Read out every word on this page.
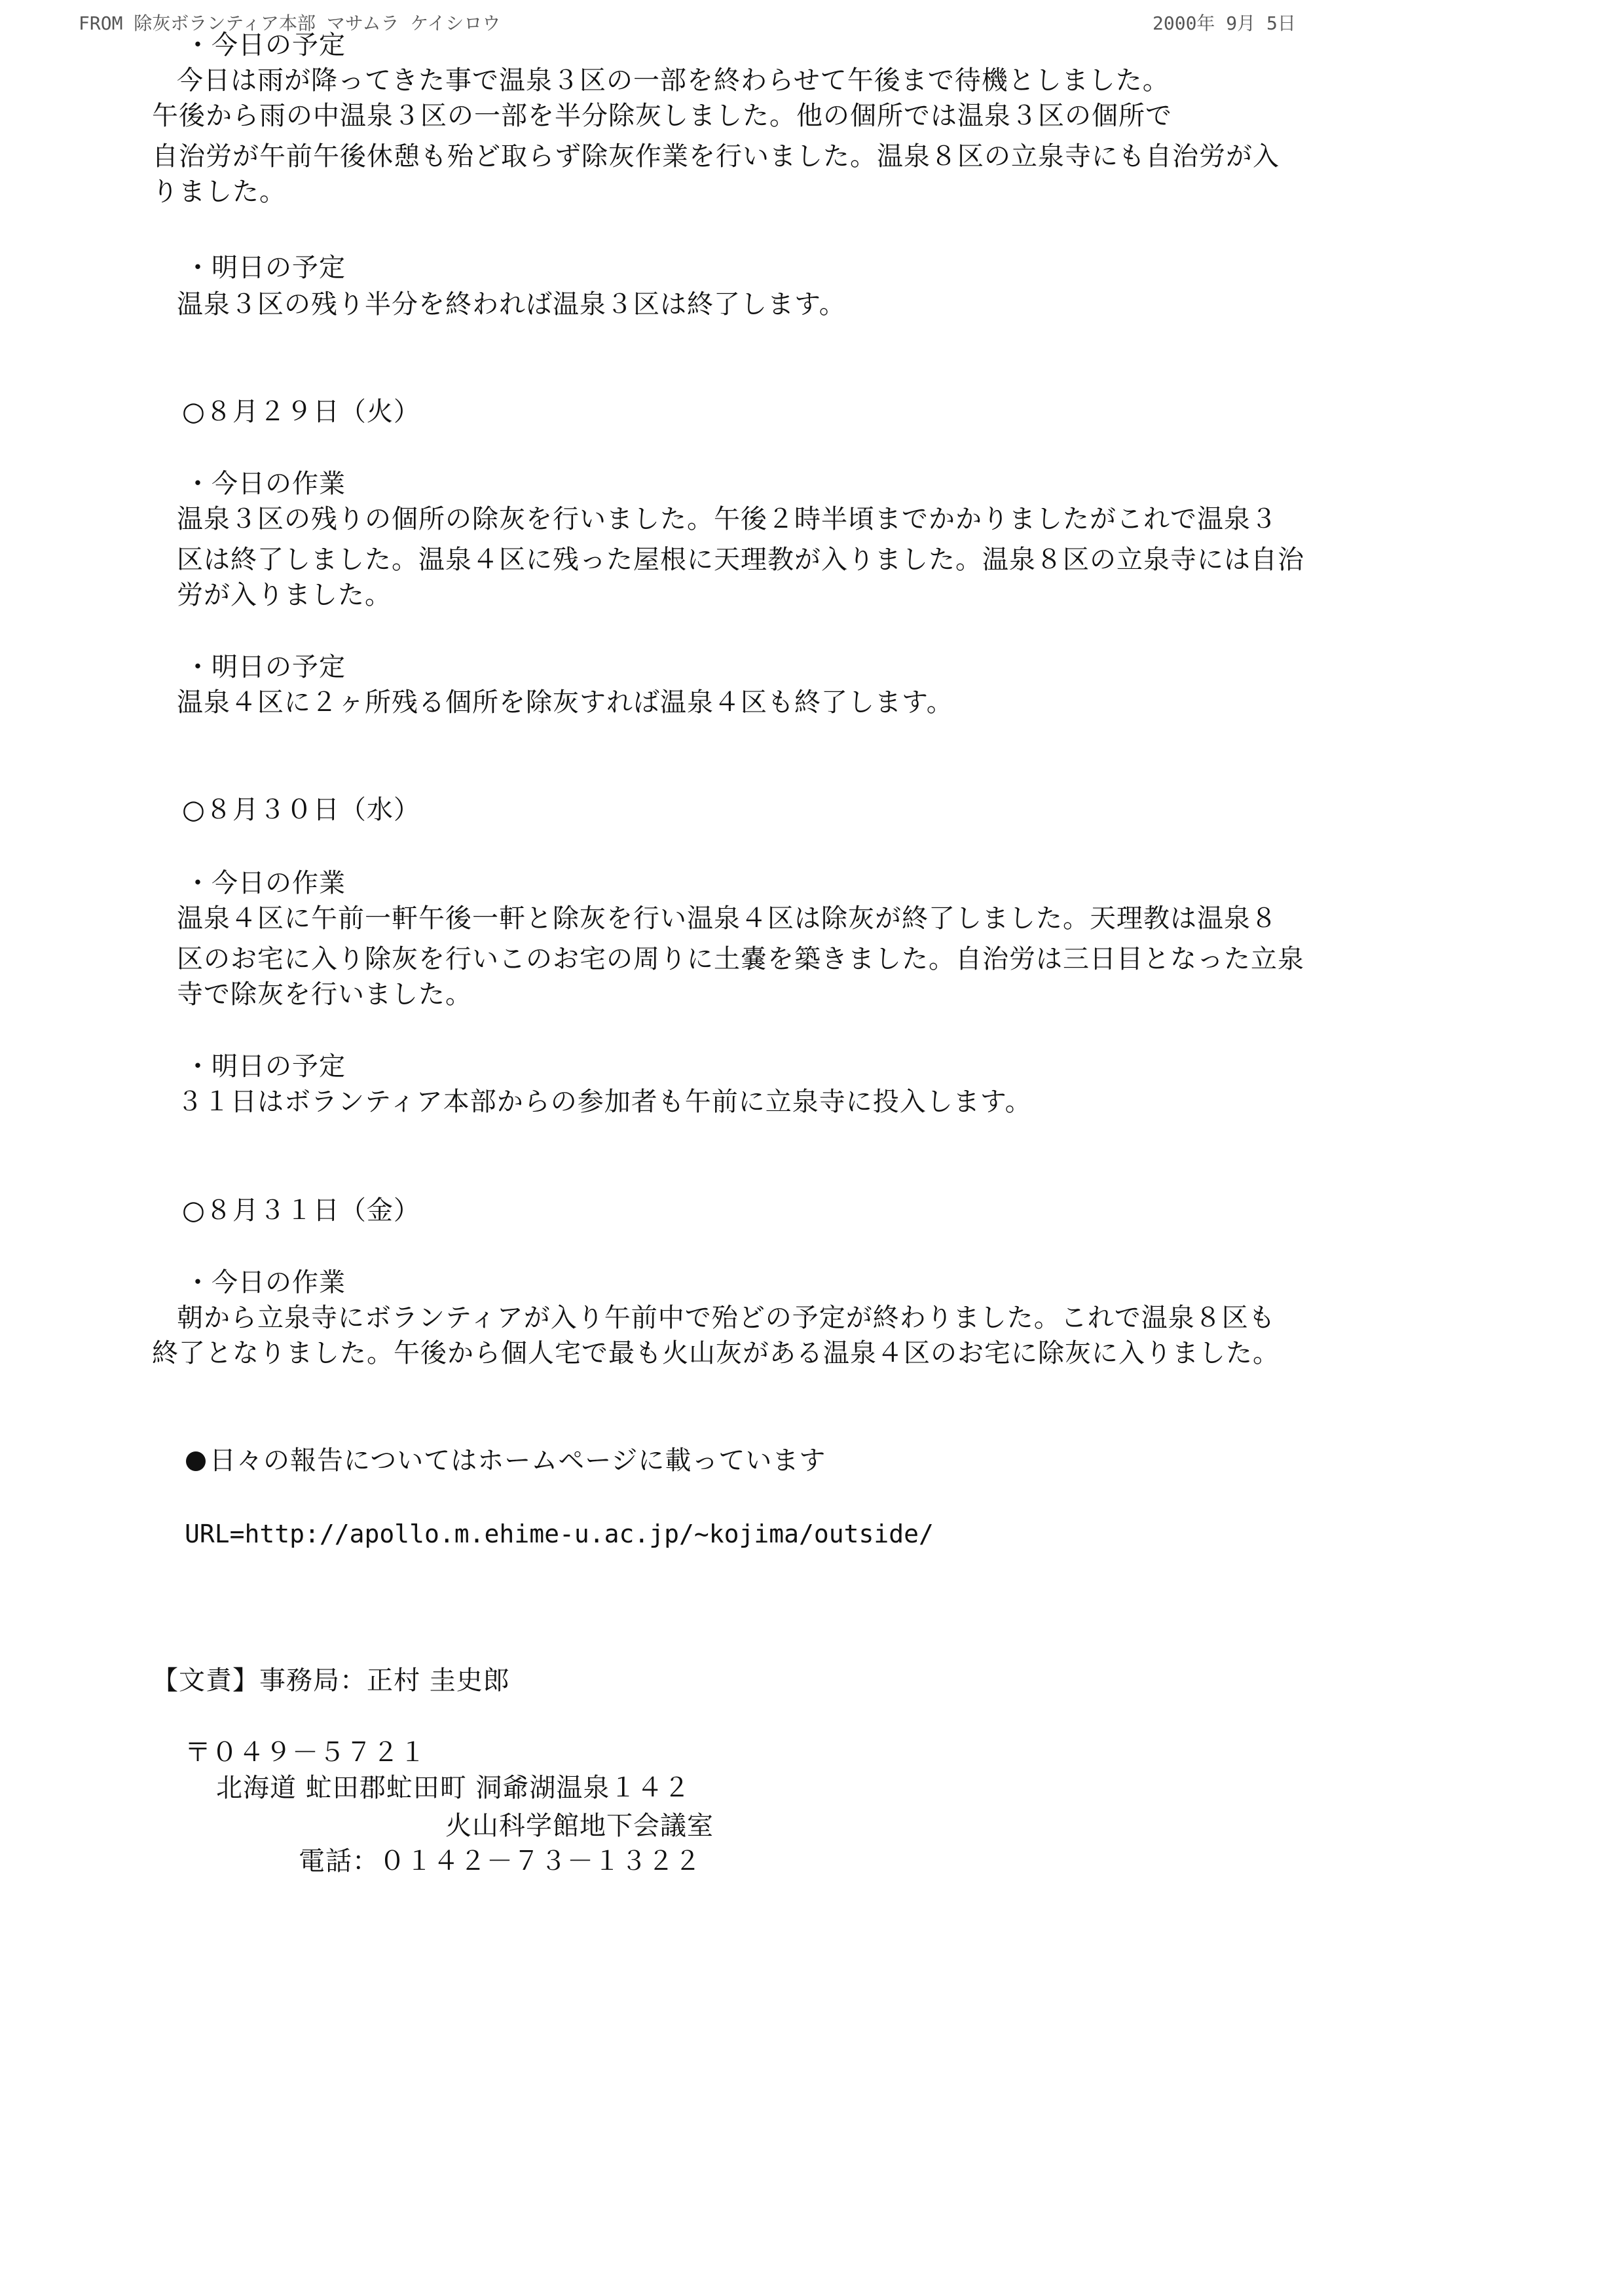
FROM 除灰ボランティア本部 マサムラ ケイシロウ	2000年 9月 5日
・今日の予定
今日は雨が降ってきた事で温泉３区の一部を終わらせて午後まで待機としました。
午後から雨の中温泉３区の一部を半分除灰しました。他の個所では温泉３区の個所で
自治労が午前午後休憩も殆ど取らず除灰作業を行いました。温泉８区の立泉寺にも自治労が入
りました。
・明日の予定
温泉３区の残り半分を終われば温泉３区は終了します。
○８月２９日（火）
・今日の作業
温泉３区の残りの個所の除灰を行いました。午後２時半頃までかかりましたがこれで温泉３
区は終了しました。温泉４区に残った屋根に天理教が入りました。温泉８区の立泉寺には自治
労が入りました。
・明日の予定
温泉４区に２ヶ所残る個所を除灰すれば温泉４区も終了します。
○８月３０日（水）
・今日の作業
温泉４区に午前一軒午後一軒と除灰を行い温泉４区は除灰が終了しました。天理教は温泉８
区のお宅に入り除灰を行いこのお宅の周りに土嚢を築きました。自治労は三日目となった立泉
寺で除灰を行いました。
・明日の予定
３１日はボランティア本部からの参加者も午前に立泉寺に投入します。
○８月３１日（金）
・今日の作業
朝から立泉寺にボランティアが入り午前中で殆どの予定が終わりました。これで温泉８区も
終了となりました。午後から個人宅で最も火山灰がある温泉４区のお宅に除灰に入りました。
日々の報告についてはホームページに載っています
URL=http://apollo.m.ehime-u.ac.jp/~kojima/outside/
【文責】事務局：正村 圭史郎
〒０４９－５７２１
北海道 虻田郡虻田町 洞爺湖温泉１４２
火山科学館地下会議室
電話：０１４２－７３－１３２２
